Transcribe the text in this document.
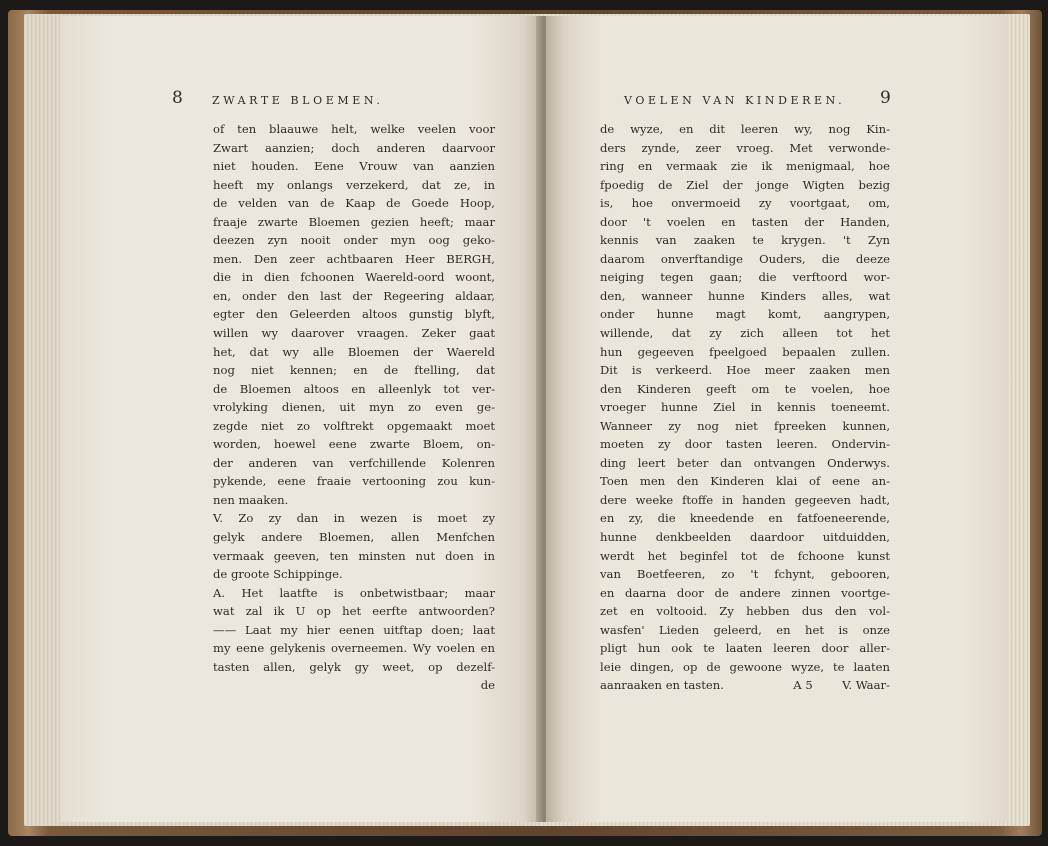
8	ZWARTE BLOEMEN.
of ten blaauwe helt, welke veelen voor
Zwart aanzien; doch anderen daarvoor
niet houden. Eene Vrouw van aanzien
heeft my onlangs verzekerd, dat ze, in
de velden van de Kaap de Goede Hoop,
fraaje zwarte Bloemen gezien heeft; maar
deezen zyn nooit onder myn oog geko-
men. Den zeer achtbaaren Heer BERGH,
die in dien fchoonen Waereld-oord woont,
en, onder den last der Regeering aldaar,
egter den Geleerden altoos gunstig blyft,
willen wy daarover vraagen. Zeker gaat
het, dat wy alle Bloemen der Waereld
nog niet kennen; en de ftelling, dat
de Bloemen altoos en alleenlyk tot ver-
vrolyking dienen, uit myn zo even ge-
zegde niet zo volftrekt opgemaakt moet
worden, hoewel eene zwarte Bloem, on-
der anderen van verfchillende Kolenren
pykende, eene fraaie vertooning zou kun-
nen maaken.
V. Zo zy dan in wezen is moet zy
gelyk andere Bloemen, allen Menfchen
vermaak geeven, ten minsten nut doen in
de groote Schippinge.
A. Het laatfte is onbetwistbaar; maar
wat zal ik U op het eerfte antwoorden?
—— Laat my hier eenen uitftap doen; laat
my eene gelykenis overneemen. Wy voelen en
tasten allen, gelyk gy weet, op dezelf-
de
VOELEN VAN KINDEREN. 9
de wyze, en dit leeren wy, nog Kin-
ders zynde, zeer vroeg. Met verwonde-
ring en vermaak zie ik menigmaal, hoe
fpoedig de Ziel der jonge Wigten bezig
is, hoe onvermoeid zy voortgaat, om,
door 't voelen en tasten der Handen,
kennis van zaaken te krygen. 't Zyn
daarom onverftandige Ouders, die deeze
neiging tegen gaan; die verftoord wor-
den, wanneer hunne Kinders alles, wat
onder hunne magt komt, aangrypen,
willende, dat zy zich alleen tot het
hun gegeeven fpeelgoed bepaalen zullen.
Dit is verkeerd. Hoe meer zaaken men
den Kinderen geeft om te voelen, hoe
vroeger hunne Ziel in kennis toeneemt.
Wanneer zy nog niet fpreeken kunnen,
moeten zy door tasten leeren. Ondervin-
ding leert beter dan ontvangen Onderwys.
Toen men den Kinderen klai of eene an-
dere weeke ftoffe in handen gegeeven hadt,
en zy, die kneedende en fatfoeneerende,
hunne denkbeelden daardoor uitduidden,
werdt het beginfel tot de fchoone kunst
van Boetfeeren, zo 't fchynt, gebooren,
en daarna door de andere zinnen voortge-
zet en voltooid. Zy hebben dus den vol-
wasfen' Lieden geleerd, en het is onze
pligt hun ook te laaten leeren door aller-
leie dingen, op de gewoone wyze, te laaten
aanraaken en tasten.	A 5	V. Waar-
